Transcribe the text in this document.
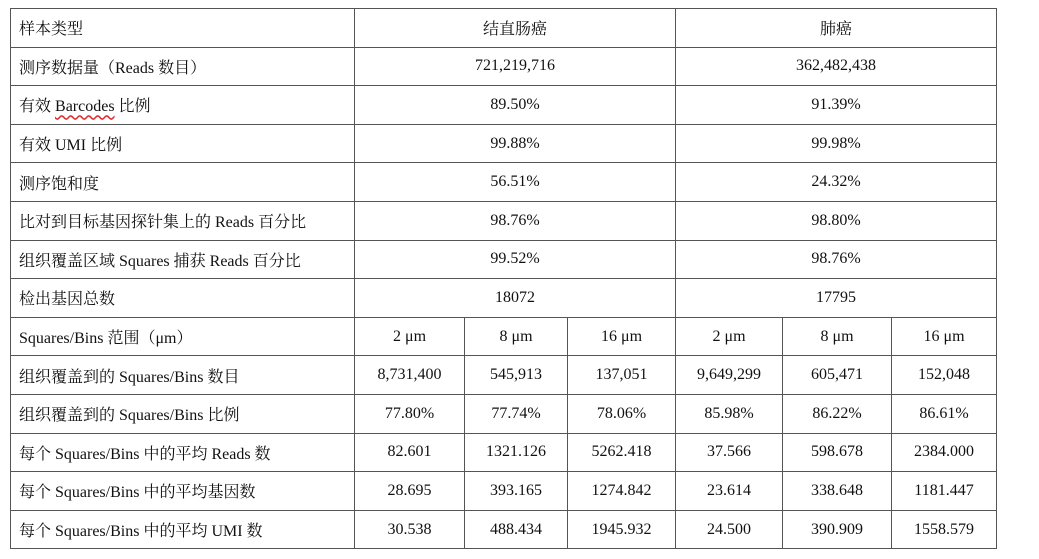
样本类型	结直肠癌			肺癌		
测序数据量（Reads 数目）	721,219,716			362,482,438		
有效 Barcodes 比例	89.50%			91.39%		
有效 UMI 比例	99.88%			99.98%		
测序饱和度	56.51%			24.32%		
比对到目标基因探针集上的 Reads 百分比	98.76%			98.80%		
组织覆盖区域 Squares 捕获 Reads 百分比	99.52%			98.76%		
检出基因总数	18072			17795		
Squares/Bins 范围（μm）	2 μm	8 μm	16 μm	2 μm	8 μm	16 μm
组织覆盖到的 Squares/Bins 数目	8,731,400	545,913	137,051	9,649,299	605,471	152,048
组织覆盖到的 Squares/Bins 比例	77.80%	77.74%	78.06%	85.98%	86.22%	86.61%
每个 Squares/Bins 中的平均 Reads 数	82.601	1321.126	5262.418	37.566	598.678	2384.000
每个 Squares/Bins 中的平均基因数	28.695	393.165	1274.842	23.614	338.648	1181.447
每个 Squares/Bins 中的平均 UMI 数	30.538	488.434	1945.932	24.500	390.909	1558.579
